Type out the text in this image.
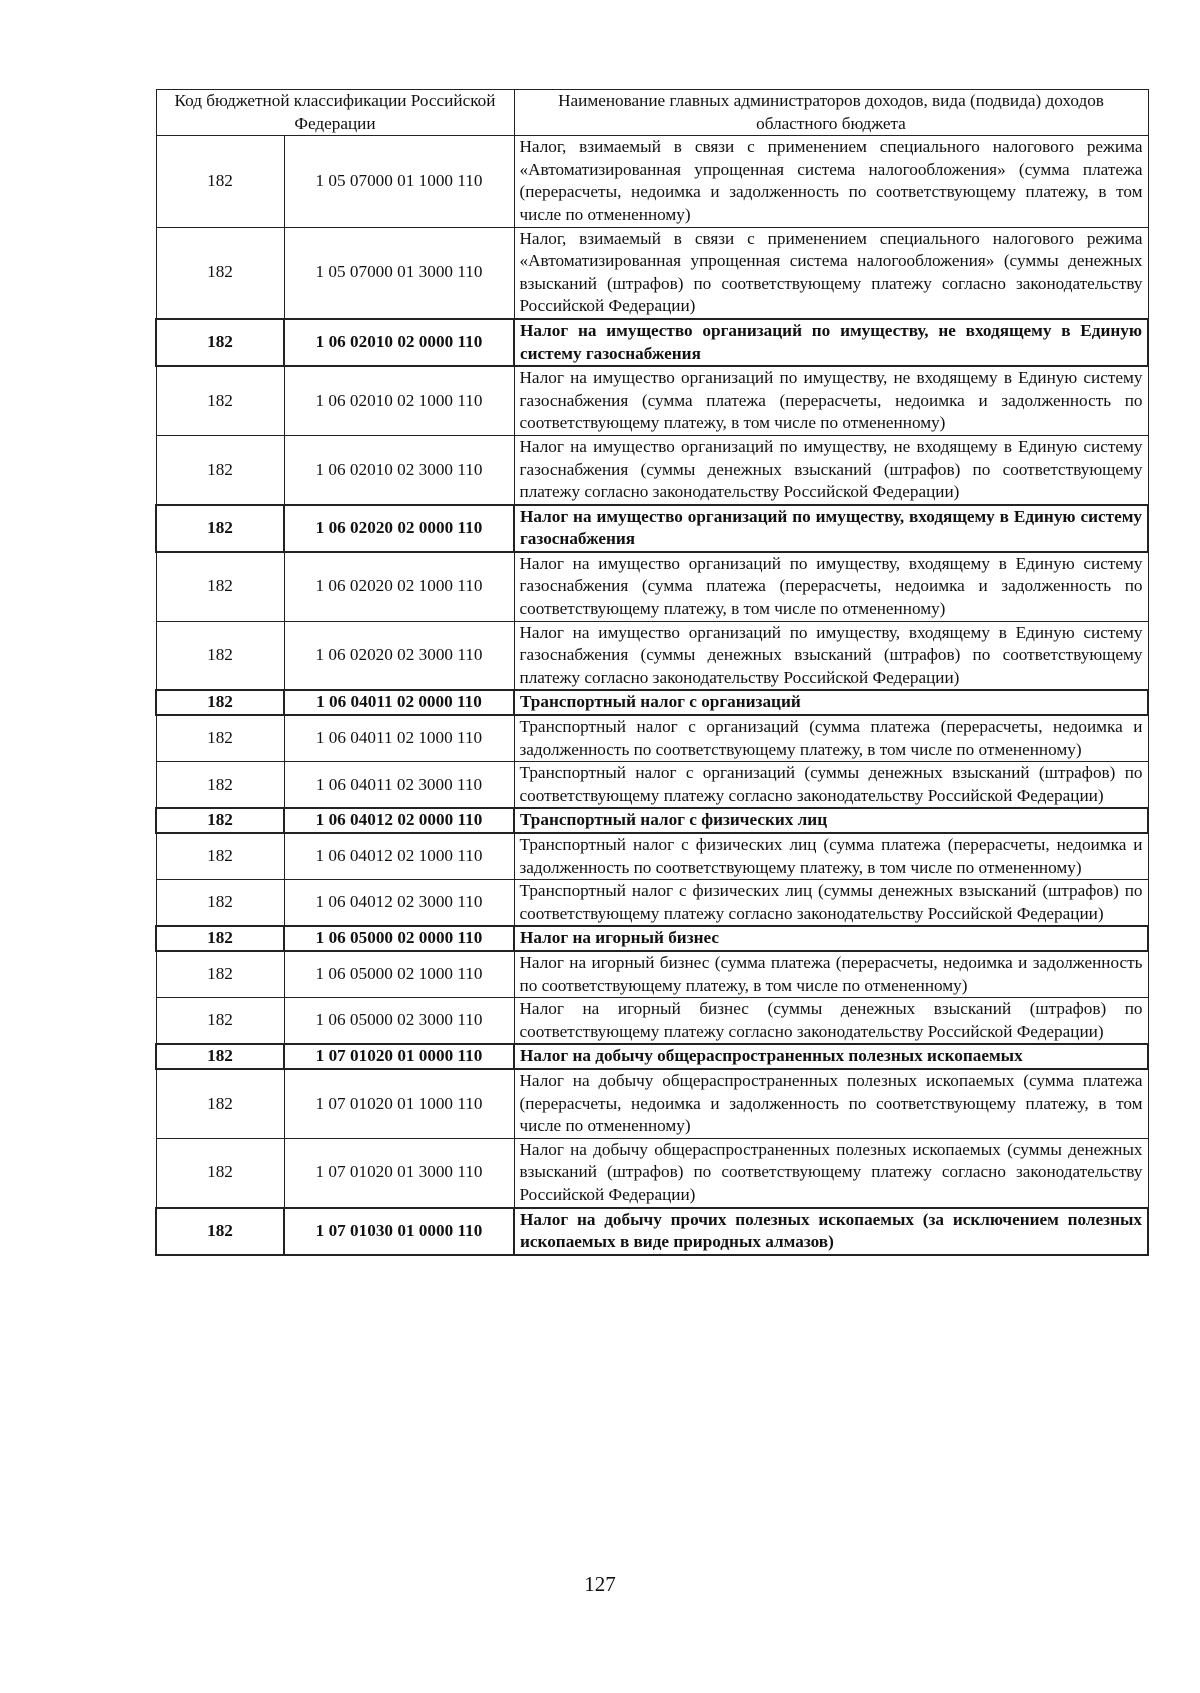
Код бюджетной классификации Российской Федерации		Наименование главных администраторов доходов, вида (подвида) доходов областного бюджета
182	1 05 07000 01 1000 110	Налог, взимаемый в связи с применением специального налогового режима «Автоматизированная упрощенная система налогообложения» (сумма платежа (перерасчеты, недоимка и задолженность по соответствующему платежу, в том числе по отмененному)
182	1 05 07000 01 3000 110	Налог, взимаемый в связи с применением специального налогового режима «Автоматизированная упрощенная система налогообложения» (суммы денежных взысканий (штрафов) по соответствующему платежу согласно законодательству Российской Федерации)
182	1 06 02010 02 0000 110	Налог на имущество организаций по имуществу, не входящему в Единую систему газоснабжения
182	1 06 02010 02 1000 110	Налог на имущество организаций по имуществу, не входящему в Единую систему газоснабжения (сумма платежа (перерасчеты, недоимка и задолженность по соответствующему платежу, в том числе по отмененному)
182	1 06 02010 02 3000 110	Налог на имущество организаций по имуществу, не входящему в Единую систему газоснабжения (суммы денежных взысканий (штрафов) по соответствующему платежу согласно законодательству Российской Федерации)
182	1 06 02020 02 0000 110	Налог на имущество организаций по имуществу, входящему в Единую систему газоснабжения
182	1 06 02020 02 1000 110	Налог на имущество организаций по имуществу, входящему в Единую систему газоснабжения (сумма платежа (перерасчеты, недоимка и задолженность по соответствующему платежу, в том числе по отмененному)
182	1 06 02020 02 3000 110	Налог на имущество организаций по имуществу, входящему в Единую систему газоснабжения (суммы денежных взысканий (штрафов) по соответствующему платежу согласно законодательству Российской Федерации)
182	1 06 04011 02 0000 110	Транспортный налог с организаций
182	1 06 04011 02 1000 110	Транспортный налог с организаций (сумма платежа (перерасчеты, недоимка и задолженность по соответствующему платежу, в том числе по отмененному)
182	1 06 04011 02 3000 110	Транспортный налог с организаций (суммы денежных взысканий (штрафов) по соответствующему платежу согласно законодательству Российской Федерации)
182	1 06 04012 02 0000 110	Транспортный налог с физических лиц
182	1 06 04012 02 1000 110	Транспортный налог с физических лиц (сумма платежа (перерасчеты, недоимка и задолженность по соответствующему платежу, в том числе по отмененному)
182	1 06 04012 02 3000 110	Транспортный налог с физических лиц (суммы денежных взысканий (штрафов) по соответствующему платежу согласно законодательству Российской Федерации)
182	1 06 05000 02 0000 110	Налог на игорный бизнес
182	1 06 05000 02 1000 110	Налог на игорный бизнес (сумма платежа (перерасчеты, недоимка и задолженность по соответствующему платежу, в том числе по отмененному)
182	1 06 05000 02 3000 110	Налог на игорный бизнес (суммы денежных взысканий (штрафов) по соответствующему платежу согласно законодательству Российской Федерации)
182	1 07 01020 01 0000 110	Налог на добычу общераспространенных полезных ископаемых
182	1 07 01020 01 1000 110	Налог на добычу общераспространенных полезных ископаемых (сумма платежа (перерасчеты, недоимка и задолженность по соответствующему платежу, в том числе по отмененному)
182	1 07 01020 01 3000 110	Налог на добычу общераспространенных полезных ископаемых (суммы денежных взысканий (штрафов) по соответствующему платежу согласно законодательству Российской Федерации)
182	1 07 01030 01 0000 110	Налог на добычу прочих полезных ископаемых (за исключением полезных ископаемых в виде природных алмазов)
127
